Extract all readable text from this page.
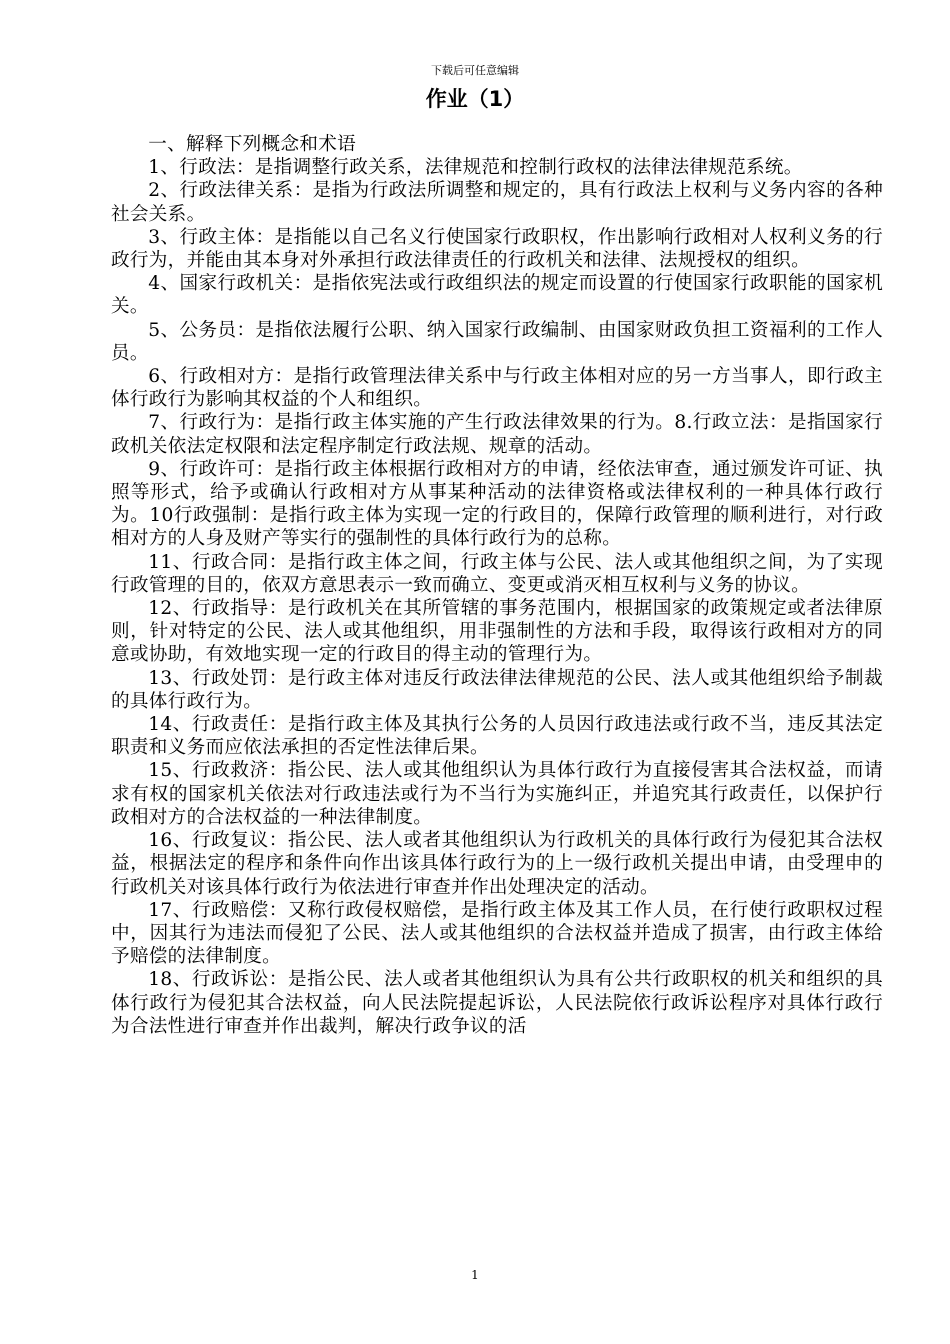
下载后可任意编辑
作业（1）

一、解释下列概念和术语

1、行政法：是指调整行政关系，法律规范和控制行政权的法律法律规范系统。

2、行政法律关系：是指为行政法所调整和规定的，具有行政法上权利与义务内容的各种社会关系。

3、行政主体：是指能以自己名义行使国家行政职权，作出影响行政相对人权利义务的行政行为，并能由其本身对外承担行政法律责任的行政机关和法律、法规授权的组织。

4、国家行政机关：是指依宪法或行政组织法的规定而设置的行使国家行政职能的国家机关。

5、公务员：是指依法履行公职、纳入国家行政编制、由国家财政负担工资福利的工作人员。

6、行政相对方：是指行政管理法律关系中与行政主体相对应的另一方当事人，即行政主体行政行为影响其权益的个人和组织。

7、行政行为：是指行政主体实施的产生行政法律效果的行为。8.行政立法：是指国家行政机关依法定权限和法定程序制定行政法规、规章的活动。

9、行政许可：是指行政主体根据行政相对方的申请，经依法审查，通过颁发许可证、执照等形式，给予或确认行政相对方从事某种活动的法律资格或法律权利的一种具体行政行为。10行政强制：是指行政主体为实现一定的行政目的，保障行政管理的顺利进行，对行政相对方的人身及财产等实行的强制性的具体行政行为的总称。

11、行政合同：是指行政主体之间，行政主体与公民、法人或其他组织之间，为了实现行政管理的目的，依双方意思表示一致而确立、变更或消灭相互权利与义务的协议。

12、行政指导：是行政机关在其所管辖的事务范围内，根据国家的政策规定或者法律原则，针对特定的公民、法人或其他组织，用非强制性的方法和手段，取得该行政相对方的同意或协助，有效地实现一定的行政目的得主动的管理行为。

13、行政处罚：是行政主体对违反行政法律法律规范的公民、法人或其他组织给予制裁的具体行政行为。

14、行政责任：是指行政主体及其执行公务的人员因行政违法或行政不当，违反其法定职责和义务而应依法承担的否定性法律后果。

15、行政救济：指公民、法人或其他组织认为具体行政行为直接侵害其合法权益，而请求有权的国家机关依法对行政违法或行为不当行为实施纠正，并追究其行政责任，以保护行政相对方的合法权益的一种法律制度。

16、行政复议：指公民、法人或者其他组织认为行政机关的具体行政行为侵犯其合法权益，根据法定的程序和条件向作出该具体行政行为的上一级行政机关提出申请，由受理申的行政机关对该具体行政行为依法进行审查并作出处理决定的活动。

17、行政赔偿：又称行政侵权赔偿，是指行政主体及其工作人员，在行使行政职权过程中，因其行为违法而侵犯了公民、法人或其他组织的合法权益并造成了损害，由行政主体给予赔偿的法律制度。

18、行政诉讼：是指公民、法人或者其他组织认为具有公共行政职权的机关和组织的具体行政行为侵犯其合法权益，向人民法院提起诉讼，人民法院依行政诉讼程序对具体行政行为合法性进行审查并作出裁判，解决行政争议的活

1
